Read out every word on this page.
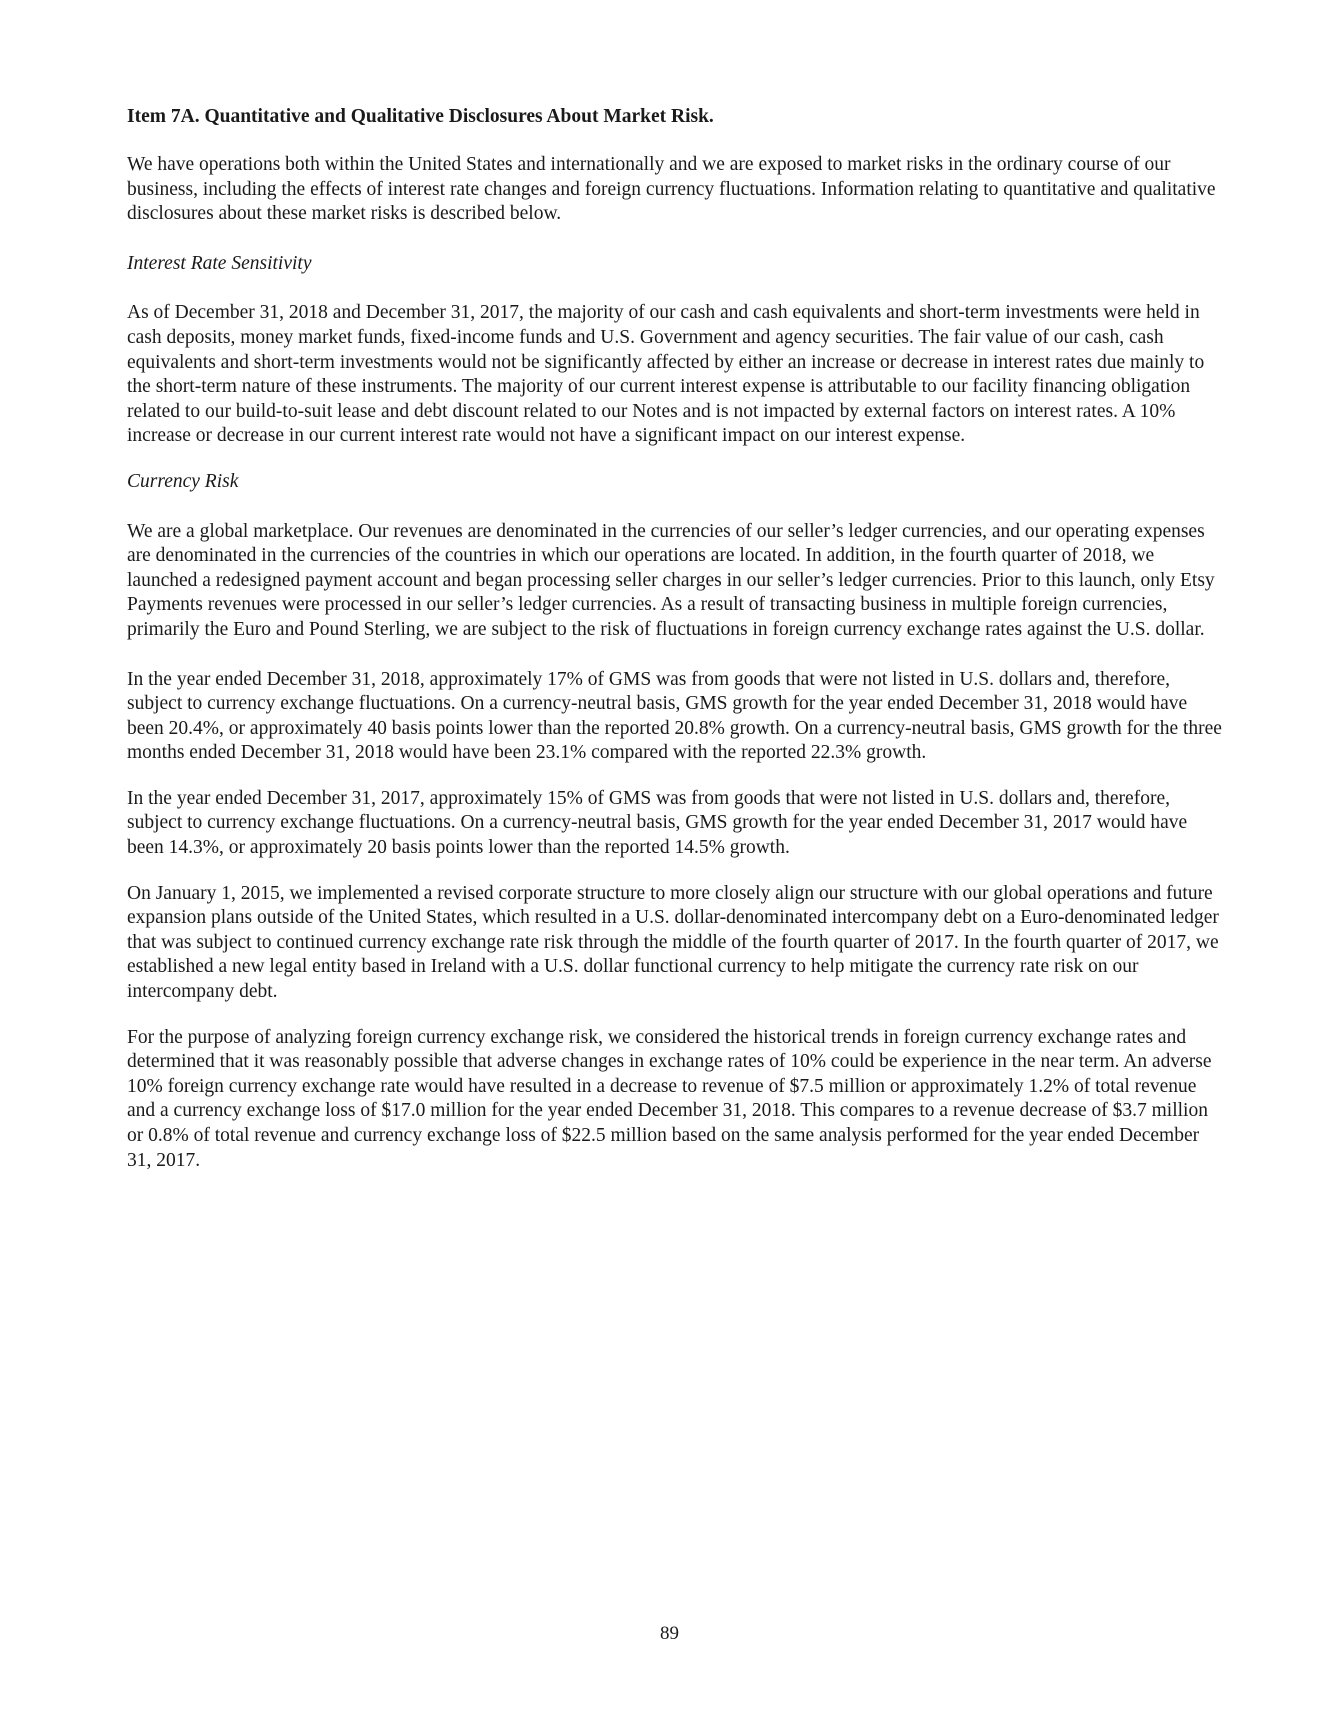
Item 7A. Quantitative and Qualitative Disclosures About Market Risk.

We have operations both within the United States and internationally and we are exposed to market risks in the ordinary course of our business, including the effects of interest rate changes and foreign currency fluctuations. Information relating to quantitative and qualitative disclosures about these market risks is described below.

Interest Rate Sensitivity

As of December 31, 2018 and December 31, 2017, the majority of our cash and cash equivalents and short-term investments were held in cash deposits, money market funds, fixed-income funds and U.S. Government and agency securities. The fair value of our cash, cash equivalents and short-term investments would not be significantly affected by either an increase or decrease in interest rates due mainly to the short-term nature of these instruments. The majority of our current interest expense is attributable to our facility financing obligation related to our build-to-suit lease and debt discount related to our Notes and is not impacted by external factors on interest rates. A 10% increase or decrease in our current interest rate would not have a significant impact on our interest expense.

Currency Risk

We are a global marketplace. Our revenues are denominated in the currencies of our seller’s ledger currencies, and our operating expenses are denominated in the currencies of the countries in which our operations are located. In addition, in the fourth quarter of 2018, we launched a redesigned payment account and began processing seller charges in our seller’s ledger currencies. Prior to this launch, only Etsy Payments revenues were processed in our seller’s ledger currencies. As a result of transacting business in multiple foreign currencies, primarily the Euro and Pound Sterling, we are subject to the risk of fluctuations in foreign currency exchange rates against the U.S. dollar.

In the year ended December 31, 2018, approximately 17% of GMS was from goods that were not listed in U.S. dollars and, therefore, subject to currency exchange fluctuations. On a currency-neutral basis, GMS growth for the year ended December 31, 2018 would have been 20.4%, or approximately 40 basis points lower than the reported 20.8% growth. On a currency-neutral basis, GMS growth for the three months ended December 31, 2018 would have been 23.1% compared with the reported 22.3% growth.

In the year ended December 31, 2017, approximately 15% of GMS was from goods that were not listed in U.S. dollars and, therefore, subject to currency exchange fluctuations. On a currency-neutral basis, GMS growth for the year ended December 31, 2017 would have been 14.3%, or approximately 20 basis points lower than the reported 14.5% growth.

On January 1, 2015, we implemented a revised corporate structure to more closely align our structure with our global operations and future expansion plans outside of the United States, which resulted in a U.S. dollar-denominated intercompany debt on a Euro-denominated ledger that was subject to continued currency exchange rate risk through the middle of the fourth quarter of 2017. In the fourth quarter of 2017, we established a new legal entity based in Ireland with a U.S. dollar functional currency to help mitigate the currency rate risk on our intercompany debt.

For the purpose of analyzing foreign currency exchange risk, we considered the historical trends in foreign currency exchange rates and determined that it was reasonably possible that adverse changes in exchange rates of 10% could be experience in the near term. An adverse 10% foreign currency exchange rate would have resulted in a decrease to revenue of $7.5 million or approximately 1.2% of total revenue and a currency exchange loss of $17.0 million for the year ended December 31, 2018. This compares to a revenue decrease of $3.7 million or 0.8% of total revenue and currency exchange loss of $22.5 million based on the same analysis performed for the year ended December 31, 2017.

89
